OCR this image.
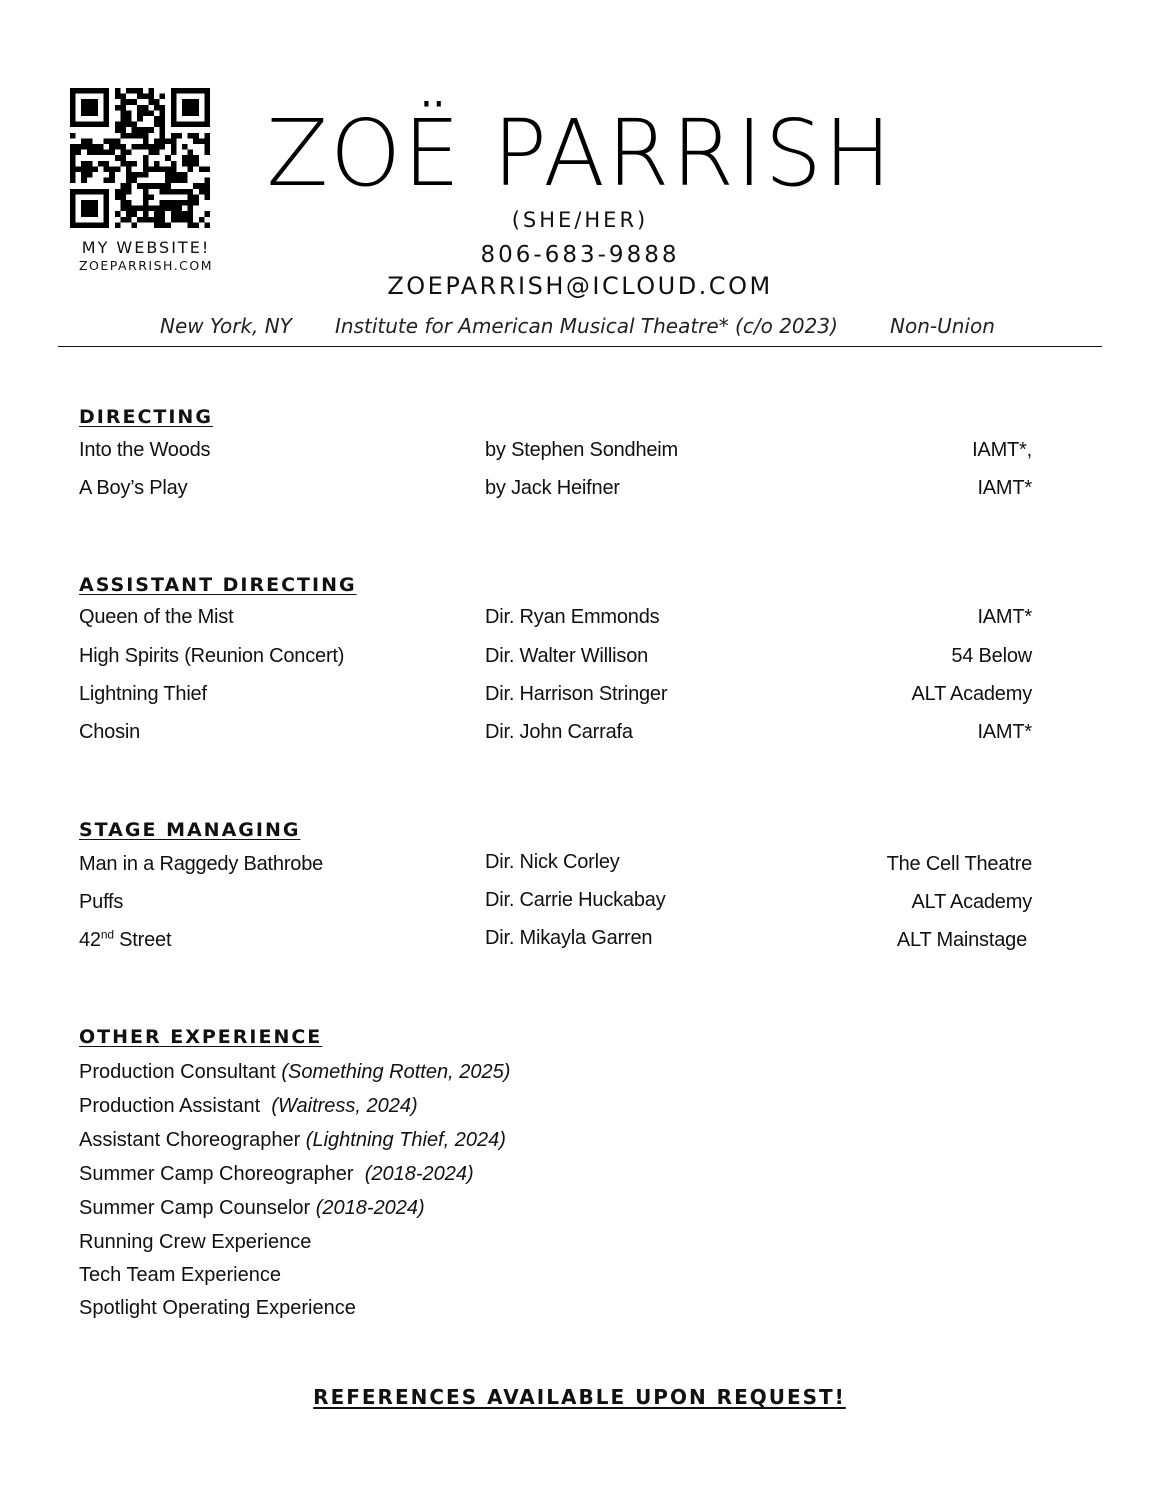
MY WEBSITE!
ZOEPARRISH.COM
ZOË PARRISH
(SHE/HER)
806-683-9888
ZOEPARRISH@ICLOUD.COM
New York, NY Institute for American Musical Theatre* (c/o 2023)	Non-Union
DIRECTING
Into the Woods	by Stephen Sondheim	IAMT*,
A Boy’s Play	by Jack Heifner	IAMT*
ASSISTANT DIRECTING
Queen of the Mist	Dir. Ryan Emmonds	IAMT*
High Spirits (Reunion Concert)	Dir. Walter Willison	54 Below
Lightning Thief	Dir. Harrison Stringer	ALT Academy
Chosin	Dir. John Carrafa	IAMT*
STAGE MANAGING
Man in a Raggedy Bathrobe	Dir. Nick Corley	The Cell Theatre
Puffs	Dir. Carrie Huckabay	ALT Academy
42nd Street	Dir. Mikayla Garren	ALT Mainstage
OTHER EXPERIENCE
Production Consultant (Something Rotten, 2025)
Production Assistant  (Waitress, 2024)
Assistant Choreographer (Lightning Thief, 2024)
Summer Camp Choreographer  (2018-2024)
Summer Camp Counselor (2018-2024)
Running Crew Experience
Tech Team Experience
Spotlight Operating Experience
REFERENCES AVAILABLE UPON REQUEST!
